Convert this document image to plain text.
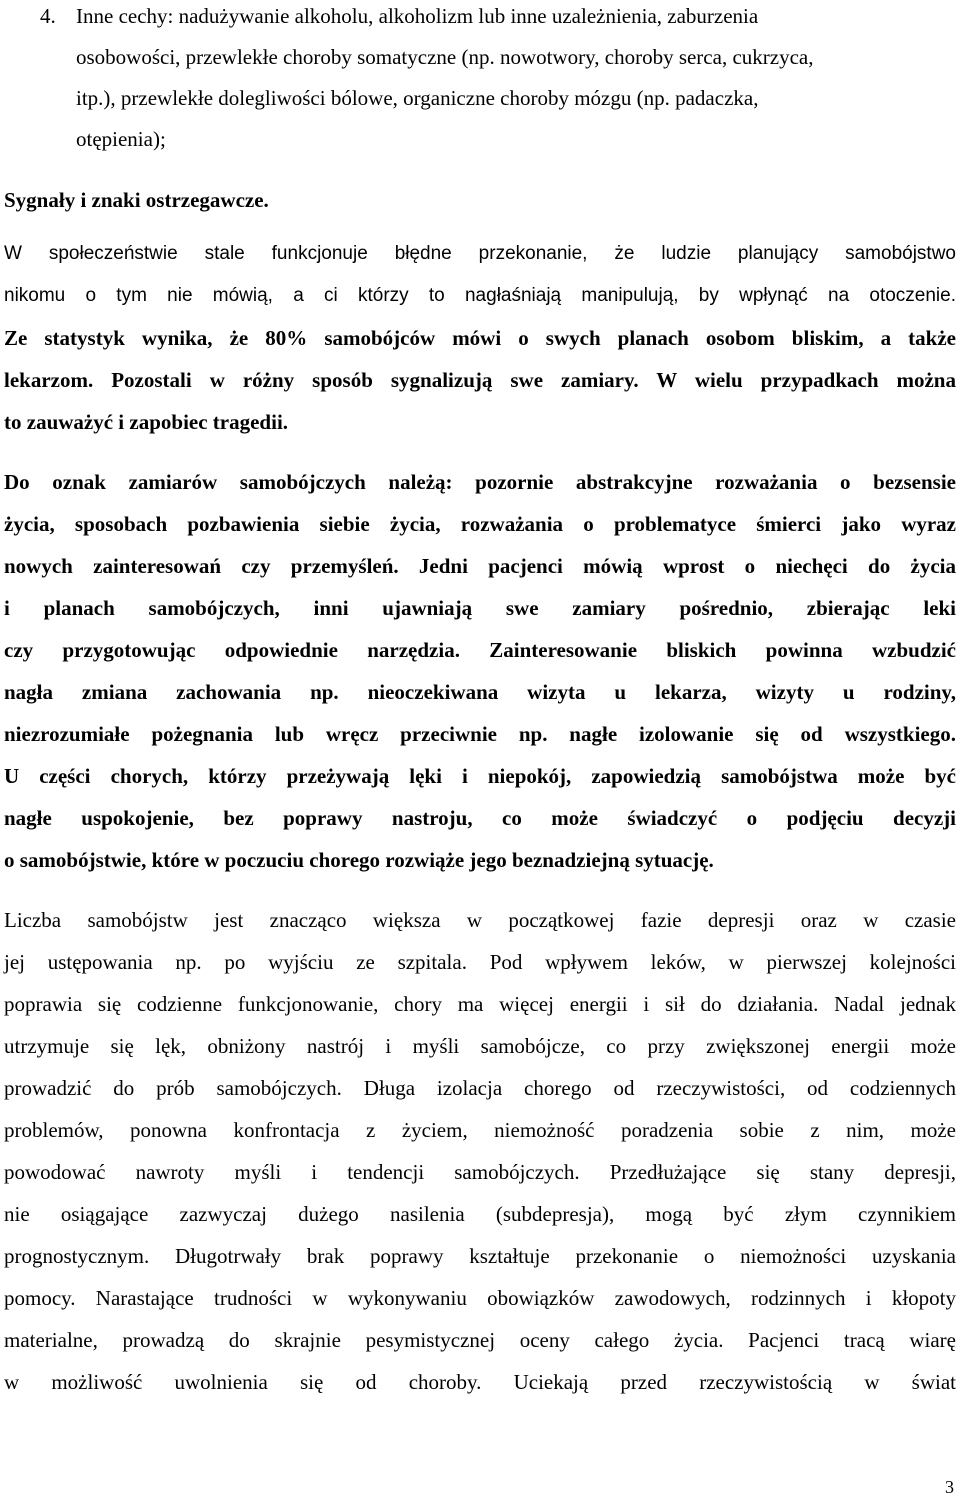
4. Inne cechy: nadużywanie alkoholu, alkoholizm lub inne uzależnienia, zaburzenia
osobowości, przewlekłe choroby somatyczne (np. nowotwory, choroby serca, cukrzyca,
itp.), przewlekłe dolegliwości bólowe, organiczne choroby mózgu (np. padaczka,
otępienia);
Sygnały i znaki ostrzegawcze.
W społeczeństwie stale funkcjonuje błędne przekonanie, że ludzie planujący samobójstwo
nikomu o tym nie mówią, a ci którzy to nagłaśniają manipulują, by wpłynąć na otoczenie.
Ze statystyk wynika, że 80% samobójców mówi o swych planach osobom bliskim, a także
lekarzom. Pozostali w różny sposób sygnalizują swe zamiary. W wielu przypadkach można
to zauważyć i zapobiec tragedii.
Do oznak zamiarów samobójczych należą: pozornie abstrakcyjne rozważania o bezsensie
życia, sposobach pozbawienia siebie życia, rozważania o problematyce śmierci jako wyraz
nowych zainteresowań czy przemyśleń. Jedni pacjenci mówią wprost o niechęci do życia
i planach samobójczych, inni ujawniają swe zamiary pośrednio, zbierając leki
czy przygotowując odpowiednie narzędzia. Zainteresowanie bliskich powinna wzbudzić
nagła zmiana zachowania np. nieoczekiwana wizyta u lekarza, wizyty u rodziny,
niezrozumiałe pożegnania lub wręcz przeciwnie np. nagłe izolowanie się od wszystkiego.
U części chorych, którzy przeżywają lęki i niepokój, zapowiedzią samobójstwa może być
nagłe uspokojenie, bez poprawy nastroju, co może świadczyć o podjęciu decyzji
o samobójstwie, które w poczuciu chorego rozwiąże jego beznadziejną sytuację.
Liczba samobójstw jest znacząco większa w początkowej fazie depresji oraz w czasie
jej ustępowania np. po wyjściu ze szpitala. Pod wpływem leków, w pierwszej kolejności
poprawia się codzienne funkcjonowanie, chory ma więcej energii i sił do działania. Nadal jednak
utrzymuje się lęk, obniżony nastrój i myśli samobójcze, co przy zwiększonej energii może
prowadzić do prób samobójczych. Długa izolacja chorego od rzeczywistości, od codziennych
problemów, ponowna konfrontacja z życiem, niemożność poradzenia sobie z nim, może
powodować nawroty myśli i tendencji samobójczych. Przedłużające się stany depresji,
nie osiągające zazwyczaj dużego nasilenia (subdepresja), mogą być złym czynnikiem
prognostycznym. Długotrwały brak poprawy kształtuje przekonanie o niemożności uzyskania
pomocy. Narastające trudności w wykonywaniu obowiązków zawodowych, rodzinnych i kłopoty
materialne, prowadzą do skrajnie pesymistycznej oceny całego życia. Pacjenci tracą wiarę
w możliwość uwolnienia się od choroby. Uciekają przed rzeczywistością w świat
3
